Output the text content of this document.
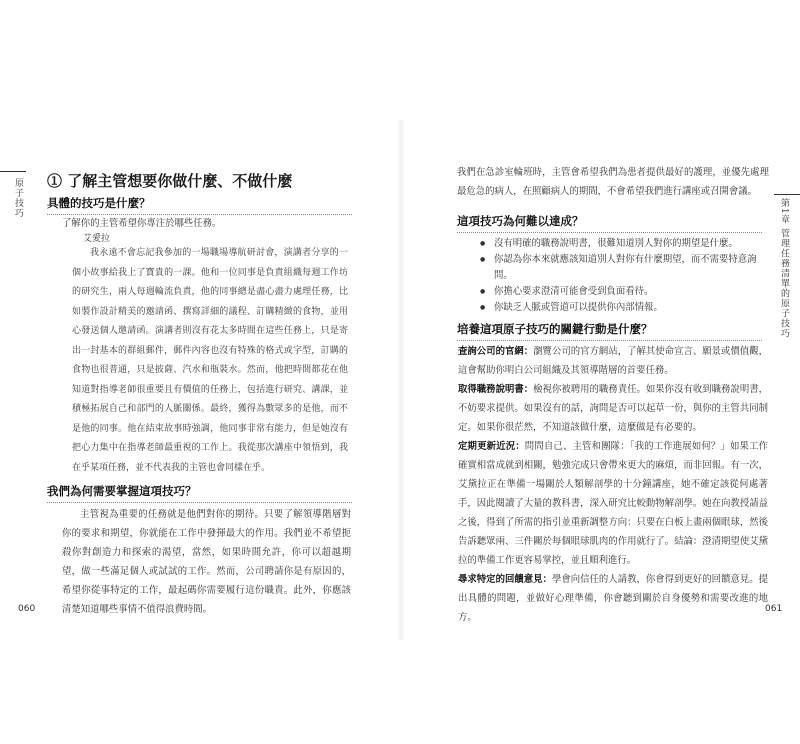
原子技巧
060
① 了解主管想要你做什麼、不做什麼
具體的技巧是什麼？

了解你的主管希望你專注於哪些任務。

艾愛拉

我永遠不會忘記我參加的一場職場導航研討會，演講者分享的一個小故事給我上了寶貴的一課。他和一位同事是負責組織每週工作坊的研究生，兩人每週輪流負責，他的同事總是盡心盡力處理任務，比如製作設計精美的邀請函、撰寫詳細的議程、訂購精緻的食物，並用心發送個人邀請函。演講者則沒有花太多時間在這些任務上，只是寄出一封基本的群組郵件，郵件內容也沒有特殊的格式或字型，訂購的食物也很普通，只是披薩、汽水和瓶裝水。然而，他把時間都花在他知道對指導老師很重要且有價值的任務上，包括進行研究、講課，並積極拓展自己和部門的人脈關係。最終，獲得為數眾多的是他，而不是他的同事。他在結束故事時強調，他同事非常有能力，但是她沒有把心力集中在指導老師最重視的工作上。我從那次講座中領悟到，我在乎某項任務，並不代表我的主管也會同樣在乎。

我們為何需要掌握這項技巧？

主管視為重要的任務就是他們對你的期待。只要了解領導階層對你的要求和期望，你就能在工作中發揮最大的作用。我們並不希望扼殺你對創造力和探索的渴望，當然，如果時間允許，你可以超越期望，做一些滿足個人或試試的工作。然而，公司聘請你是有原因的，希望你從事特定的工作，最起碼你需要履行這份職責。此外，你應該清楚知道哪些事情不值得浪費時間。

第1章 管理任務清單的原子技巧
061

我們在急診室輪班時，主管會希望我們為患者提供最好的護理，並優先處理最危急的病人，在照顧病人的期間，不會希望我們進行講座或召開會議。

這項技巧為何難以達成？
● 沒有明確的職務說明書，很難知道別人對你的期望是什麼。
● 你認為你本來就應該知道別人對你有什麼期望，而不需要特意詢問。
● 你擔心要求澄清可能會受到負面看待。
● 你缺乏人脈或管道可以提供你內部情報。
培養這項原子技巧的關鍵行動是什麼？

查詢公司的官網：瀏覽公司的官方網站，了解其使命宣言、願景或價值觀，這會幫助你明白公司組織及其領導階層的首要任務。

取得職務說明書：檢視你被聘用的職務責任。如果你沒有收到職務說明書，不妨要求提供。如果沒有的話，詢問是否可以起草一份，與你的主管共同制定。如果你很茫然，不知道該做什麼，這麼做是有必要的。

定期更新近況：問問自己、主管和團隊：「我的工作進展如何？」如果工作確實相當成就到相關，勉強完成只會帶來更大的麻煩，而非回報。有一次，艾黛拉正在準備一場關於人類解剖學的十分鐘講座，她不確定該從何處著手，因此閱讀了大量的教科書，深入研究比較動物解剖學。她在向教授請益之後，得到了所需的指引並重新調整方向：只要在白板上畫兩個眼球，然後告訴聽眾兩、三件關於每個眼球肌肉的作用就行了。結論：澄清期望使艾黛拉的準備工作更容易掌控，並且順利進行。

尋求特定的回饋意見：學會向信任的人請教，你會得到更好的回饋意見。提出具體的問題，並做好心理準備，你會聽到關於自身優勢和需要改進的地方。
